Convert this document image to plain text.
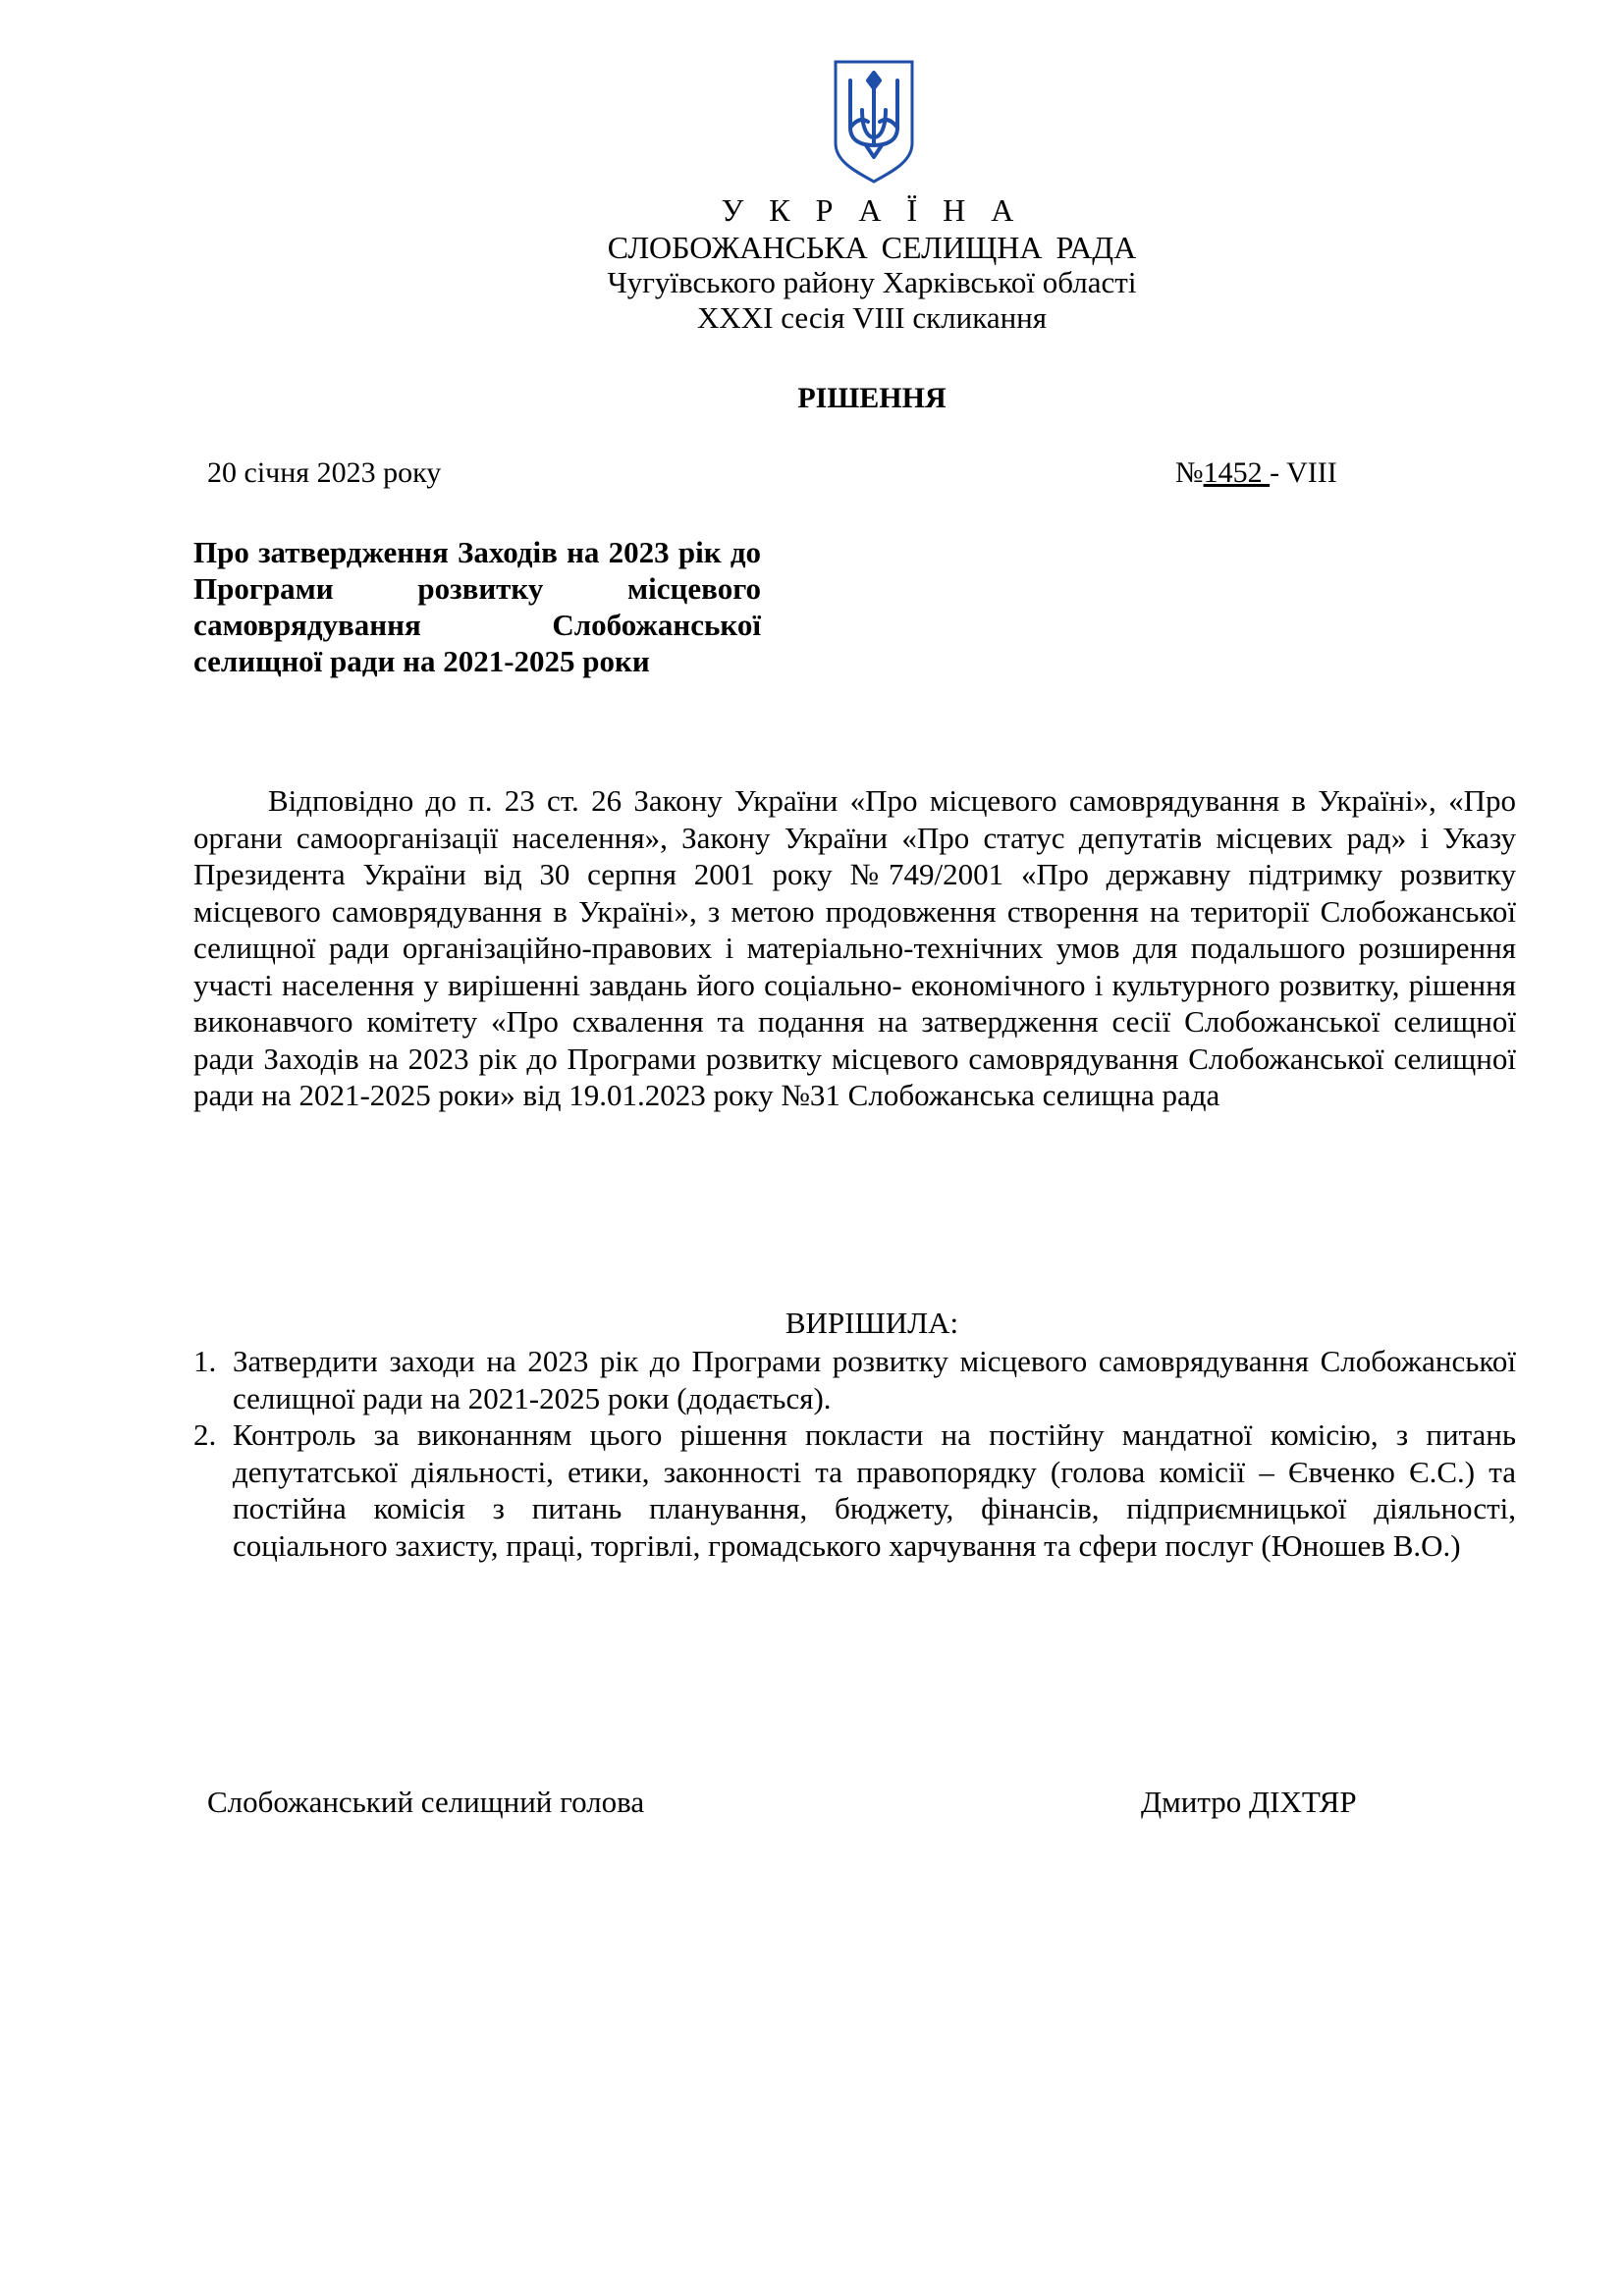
У К Р А Ї Н А
СЛОБОЖАНСЬКА СЕЛИЩНА РАДА
Чугуївського району Харківської області
ХХХІ сесія VIII скликання
РІШЕННЯ
20 січня 2023 року	№1452 - VIII
Про затвердження Заходів на 2023 рік до Програми розвитку місцевого самоврядування Слобожанської селищної ради на 2021-2025 роки

Відповідно до п. 23 ст. 26 Закону України «Про місцевого самоврядування в Україні», «Про органи самоорганізації населення», Закону України «Про статус депутатів місцевих рад» і Указу Президента України від 30 серпня 2001 року №749/2001 «Про державну підтримку розвитку місцевого самоврядування в Україні», з метою продовження створення на території Слобожанської селищної ради організаційно-правових і матеріально-технічних умов для подальшого розширення участі населення у вирішенні завдань його соціально- економічного і культурного розвитку, рішення виконавчого комітету «Про схвалення та подання на затвердження сесії Слобожанської селищної ради Заходів на 2023 рік до Програми розвитку місцевого самоврядування Слобожанської селищної ради на 2021-2025 роки» від 19.01.2023 року №31 Слобожанська селищна рада

ВИРІШИЛА:
1. Затвердити заходи на 2023 рік до Програми розвитку місцевого самоврядування Слобожанської селищної ради на 2021-2025 роки (додається).
2. Контроль за виконанням цього рішення покласти на постійну мандатної комісію, з питань депутатської діяльності, етики, законності та правопорядку (голова комісії – Євченко Є.С.) та постійна комісія з питань планування, бюджету, фінансів, підприємницької діяльності, соціального захисту, праці, торгівлі, громадського харчування та сфери послуг (Юношев В.О.)
Слобожанський селищний голова	Дмитро ДІХТЯР
